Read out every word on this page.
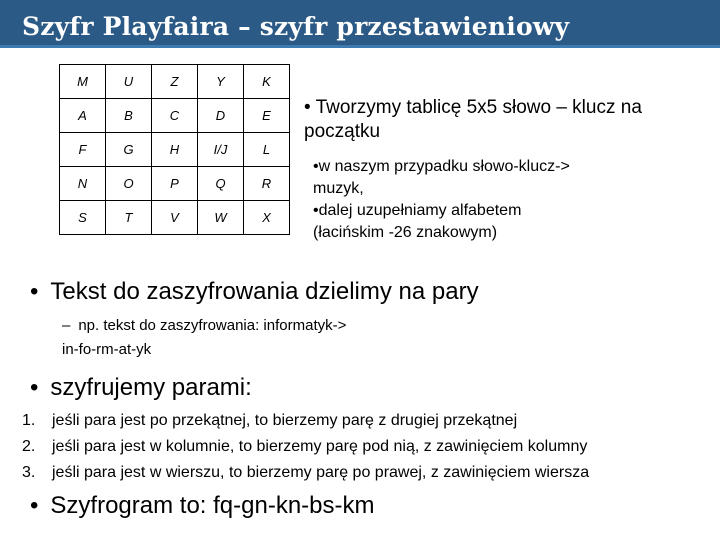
Szyfr Playfaira – szyfr przestawieniowy
M	U	Z	Y	K
A	B	C	D	E
F	G	H	I/J	L
N	O	P	Q	R
S	T	V	W	X
• Tworzymy tablicę 5x5 słowo – klucz na początku
•w naszym przypadku słowo-klucz->
muzyk,
•dalej uzupełniamy alfabetem
(łacińskim -26 znakowym)
• Tekst do zaszyfrowania dzielimy na pary
– np. tekst do zaszyfrowania: informatyk->
in-fo-rm-at-yk
• szyfrujemy parami:
1. jeśli para jest po przekątnej, to bierzemy parę z drugiej przekątnej
2. jeśli para jest w kolumnie, to bierzemy parę pod nią, z zawinięciem kolumny
3. jeśli para jest w wierszu, to bierzemy parę po prawej, z zawinięciem wiersza
• Szyfrogram to: fq-gn-kn-bs-km
